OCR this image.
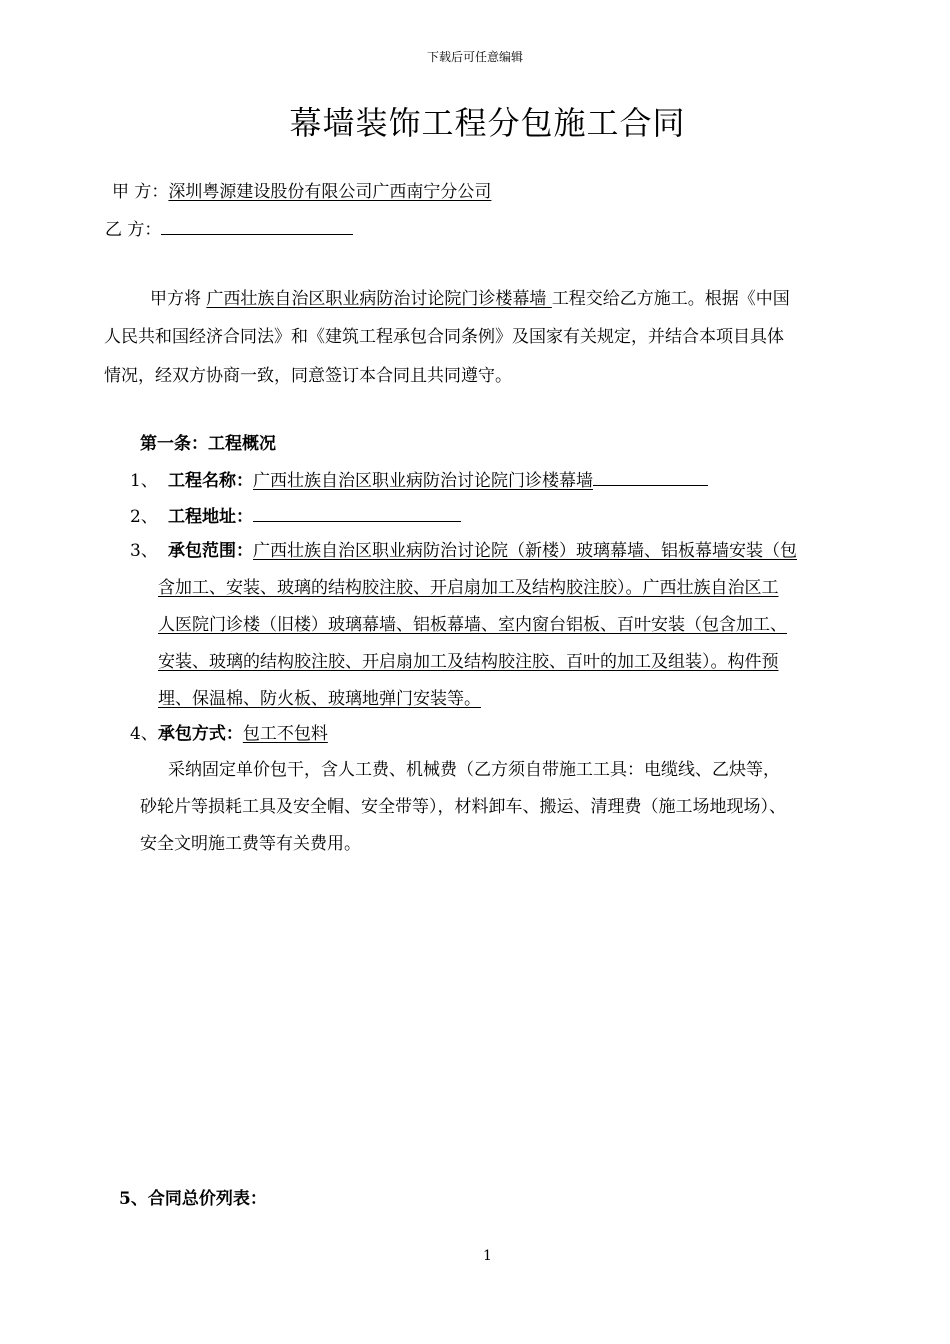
下载后可任意编辑
幕墙装饰工程分包施工合同
甲 方：深圳粤源建设股份有限公司广西南宁分公司
乙 方：
甲方将 广西壮族自治区职业病防治讨论院门诊楼幕墙 工程交给乙方施工。根据《中国
人民共和国经济合同法》和《建筑工程承包合同条例》及国家有关规定，并结合本项目具体
情况，经双方协商一致，同意签订本合同且共同遵守。
第一条：工程概况
1、 工程名称：广西壮族自治区职业病防治讨论院门诊楼幕墙
2、 工程地址：
3、 承包范围：广西壮族自治区职业病防治讨论院（新楼）玻璃幕墙、铝板幕墙安装（包
含加工、安装、玻璃的结构胶注胶、开启扇加工及结构胶注胶）。广西壮族自治区工
人医院门诊楼（旧楼）玻璃幕墙、铝板幕墙、室内窗台铝板、百叶安装（包含加工、
安装、玻璃的结构胶注胶、开启扇加工及结构胶注胶、百叶的加工及组装）。构件预
埋、保温棉、防火板、玻璃地弹门安装等。
4、承包方式：包工不包料
采纳固定单价包干，含人工费、机械费（乙方须自带施工工具：电缆线、乙炔等，
砂轮片等损耗工具及安全帽、安全带等），材料卸车、搬运、清理费（施工场地现场）、
安全文明施工费等有关费用。
5、合同总价列表：
1
